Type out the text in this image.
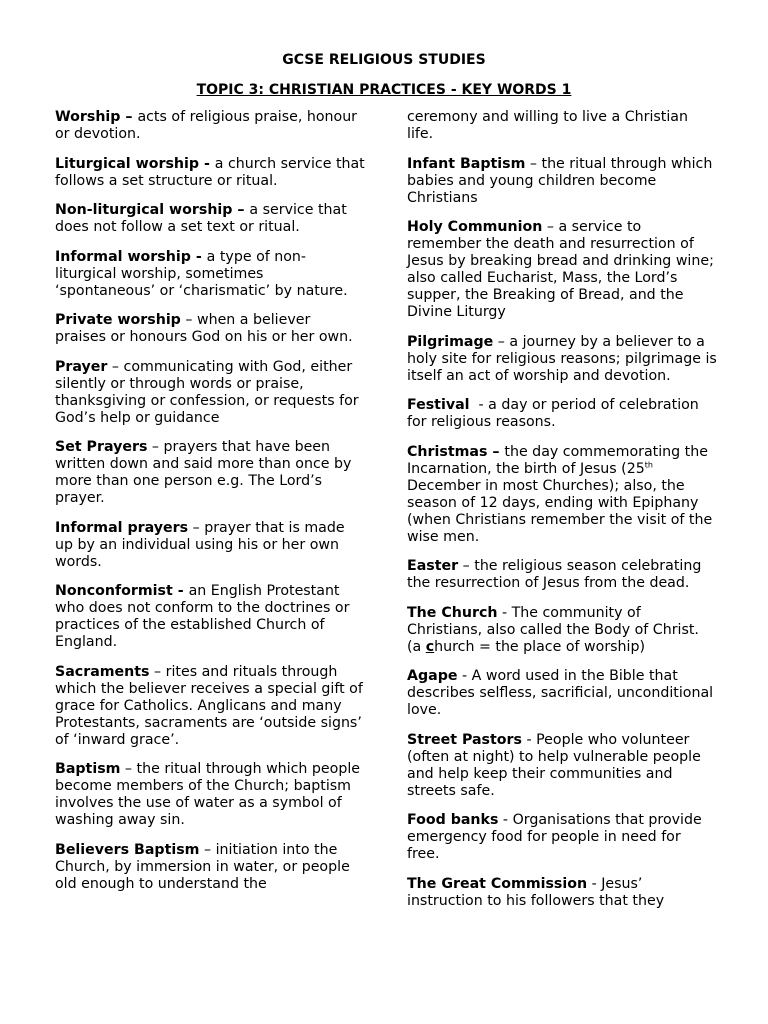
GCSE RELIGIOUS STUDIES
TOPIC 3: CHRISTIAN PRACTICES - KEY WORDS 1

Worship – acts of religious praise, honour or devotion.

Liturgical worship - a church service that follows a set structure or ritual.

Non-liturgical worship – a service that does not follow a set text or ritual.

Informal worship - a type of non-liturgical worship, sometimes ‘spontaneous’ or ‘charismatic’ by nature.

Private worship – when a believer praises or honours God on his or her own.

Prayer – communicating with God, either silently or through words or praise, thanksgiving or confession, or requests for God’s help or guidance

Set Prayers – prayers that have been written down and said more than once by more than one person e.g. The Lord’s prayer.

Informal prayers – prayer that is made up by an individual using his or her own words.

Nonconformist - an English Protestant who does not conform to the doctrines or practices of the established Church of England.

Sacraments – rites and rituals through which the believer receives a special gift of grace for Catholics. Anglicans and many Protestants, sacraments are ‘outside signs’ of ‘inward grace’.

Baptism – the ritual through which people become members of the Church; baptism involves the use of water as a symbol of washing away sin.

Believers Baptism – initiation into the Church, by immersion in water, or people old enough to understand the

ceremony and willing to live a Christian life.

Infant Baptism – the ritual through which babies and young children become Christians

Holy Communion – a service to remember the death and resurrection of Jesus by breaking bread and drinking wine; also called Eucharist, Mass, the Lord’s supper, the Breaking of Bread, and the Divine Liturgy

Pilgrimage – a journey by a believer to a holy site for religious reasons; pilgrimage is itself an act of worship and devotion.

Festival  - a day or period of celebration for religious reasons.

Christmas – the day commemorating the Incarnation, the birth of Jesus (25th December in most Churches); also, the season of 12 days, ending with Epiphany (when Christians remember the visit of the wise men.

Easter – the religious season celebrating the resurrection of Jesus from the dead.

The Church - The community of Christians, also called the Body of Christ. (a church = the place of worship)

Agape - A word used in the Bible that describes selfless, sacrificial, unconditional love.

Street Pastors - People who volunteer (often at night) to help vulnerable people and help keep their communities and streets safe.

Food banks - Organisations that provide emergency food for people in need for free.

The Great Commission - Jesus’ instruction to his followers that they
